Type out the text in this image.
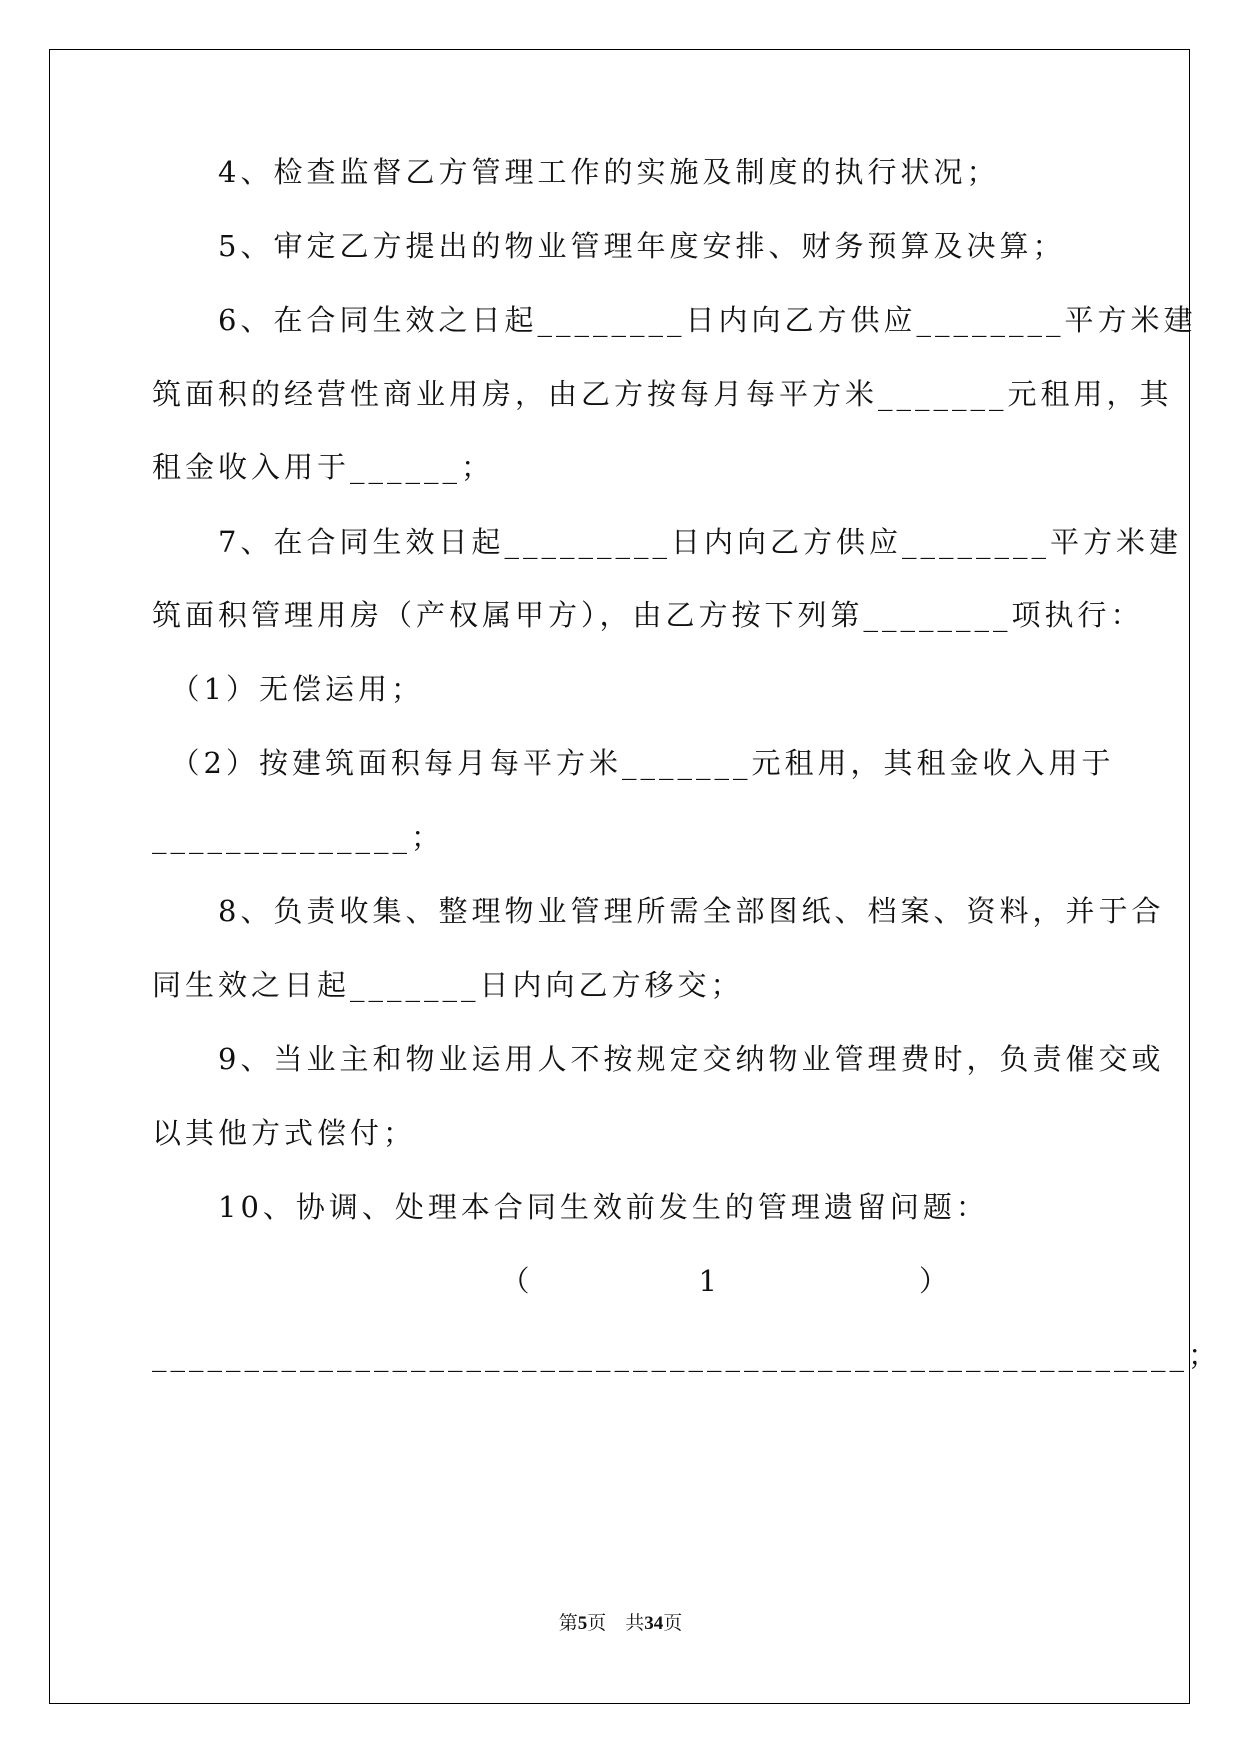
　　4、检查监督乙方管理工作的实施及制度的执行状况；
　　5、审定乙方提出的物业管理年度安排、财务预算及决算；
　　6、在合同生效之日起________日内向乙方供应________平方米建
筑面积的经营性商业用房，由乙方按每月每平方米_______元租用，其
租金收入用于______；
　　7、在合同生效日起_________日内向乙方供应________平方米建
筑面积管理用房（产权属甲方），由乙方按下列第________项执行：
　（1）无偿运用；
　（2）按建筑面积每月每平方米_______元租用，其租金收入用于
______________；
　　8、负责收集、整理物业管理所需全部图纸、档案、资料，并于合
同生效之日起_______日内向乙方移交；
　　9、当业主和物业运用人不按规定交纳物业管理费时，负责催交或
以其他方式偿付；
　　10、协调、处理本合同生效前发生的管理遗留问题：
　　　　　　　　　　　（　　　　　1　　　　　　）
________________________________________________________；
第5页　共34页
